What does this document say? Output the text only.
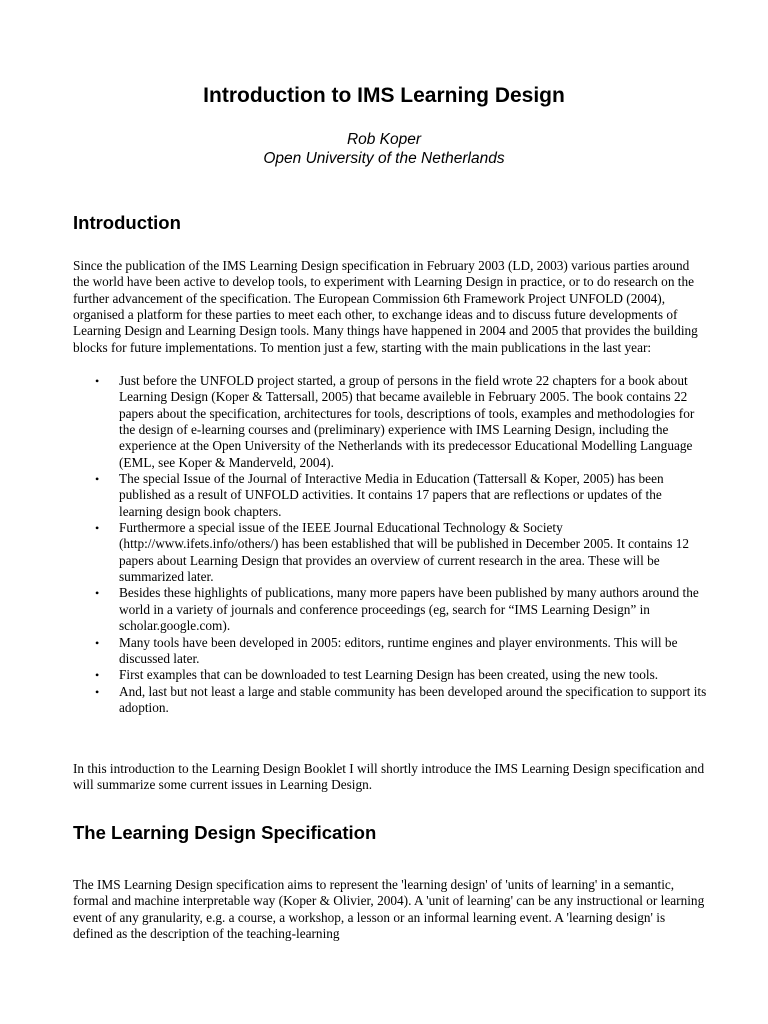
Introduction to IMS Learning Design
Rob Koper
Open University of the Netherlands
Introduction
Since the publication of the IMS Learning Design specification in February 2003 (LD, 2003) various parties around the world have been active to develop tools, to experiment with Learning Design in practice, or to do research on the further advancement of the specification. The European Commission 6th Framework Project UNFOLD (2004), organised a platform for these parties to meet each other, to exchange ideas and to discuss future developments of Learning Design and Learning Design tools. Many things have happened in 2004 and 2005 that provides the building blocks for future implementations. To mention just a few, starting with the main publications in the last year:
• Just before the UNFOLD project started, a group of persons in the field wrote 22 chapters for a book about Learning Design (Koper & Tattersall, 2005) that became availeble in February 2005. The book contains 22 papers about the specification, architectures for tools, descriptions of tools, examples and methodologies for the design of e-learning courses and (preliminary) experience with IMS Learning Design, including the experience at the Open University of the Netherlands with its predecessor Educational Modelling Language (EML, see Koper & Manderveld, 2004).
• The special Issue of the Journal of Interactive Media in Education (Tattersall & Koper, 2005) has been published as a result of UNFOLD activities. It contains 17 papers that are reflections or updates of the learning design book chapters.
• Furthermore a special issue of the IEEE Journal Educational Technology & Society (http://www.ifets.info/others/) has been established that will be published in December 2005. It contains 12 papers about Learning Design that provides an overview of current research in the area. These will be summarized later.
• Besides these highlights of publications, many more papers have been published by many authors around the world in a variety of journals and conference proceedings (eg, search for “IMS Learning Design” in scholar.google.com).
• Many tools have been developed in 2005: editors, runtime engines and player environments. This will be discussed later.
• First examples that can be downloaded to test Learning Design has been created, using the new tools.
• And, last but not least a large and stable community has been developed around the specification to support its adoption.
In this introduction to the Learning Design Booklet I will shortly introduce the IMS Learning Design specification and will summarize some current issues in Learning Design.
The Learning Design Specification
The IMS Learning Design specification aims to represent the 'learning design' of 'units of learning' in a semantic, formal and machine interpretable way (Koper & Olivier, 2004). A 'unit of learning' can be any instructional or learning event of any granularity, e.g. a course, a workshop, a lesson or an informal learning event. A 'learning design' is defined as the description of the teaching-learning
